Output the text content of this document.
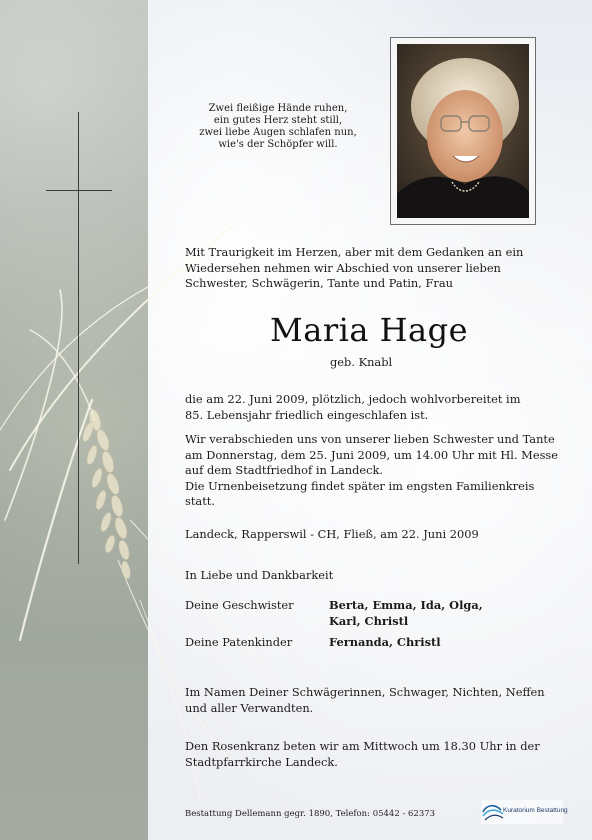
Zwei fleißige Hände ruhen,
ein gutes Herz steht still,
zwei liebe Augen schlafen nun,
wie's der Schöpfer will.
Mit Traurigkeit im Herzen, aber mit dem Gedanken an ein
Wiedersehen nehmen wir Abschied von unserer lieben
Schwester, Schwägerin, Tante und Patin, Frau
Maria Hage
geb. Knabl
die am 22. Juni 2009, plötzlich, jedoch wohlvorbereitet im
85. Lebensjahr friedlich eingeschlafen ist.
Wir verabschieden uns von unserer lieben Schwester und Tante
am Donnerstag, dem 25. Juni 2009, um 14.00 Uhr mit Hl. Messe
auf dem Stadtfriedhof in Landeck.
Die Urnenbeisetzung findet später im engsten Familienkreis
statt.
Landeck, Rapperswil - CH, Fließ, am 22. Juni 2009
In Liebe und Dankbarkeit
Deine Geschwister	Berta, Emma, Ida, Olga,
Karl, Christl
Deine Patenkinder	Fernanda, Christl
Im Namen Deiner Schwägerinnen, Schwager, Nichten, Neffen
und aller Verwandten.
Den Rosenkranz beten wir am Mittwoch um 18.30 Uhr in der
Stadtpfarrkirche Landeck.
Bestattung Dellemann gegr. 1890, Telefon: 05442 - 62373	Kuratorium Bestattung
